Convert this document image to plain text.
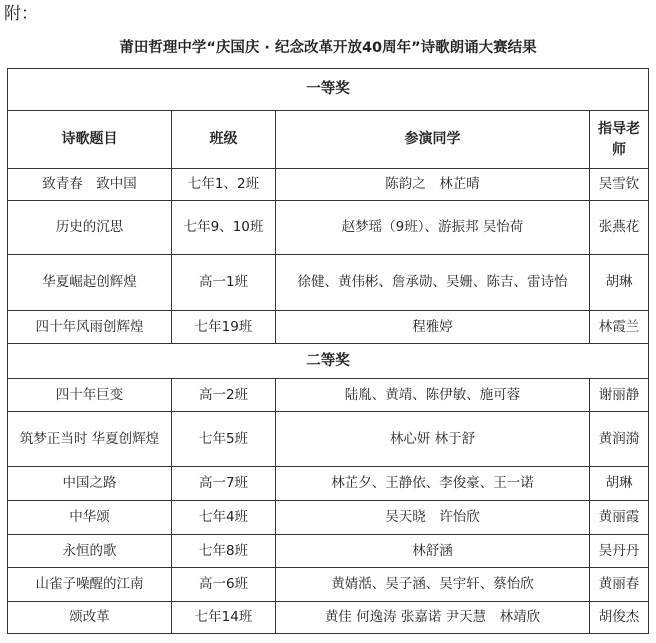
附：
莆田哲理中学“庆国庆 · 纪念改革开放40周年”诗歌朗诵大赛结果
一等奖			
诗歌题目	班级	参演同学	指导老师
致青春　致中国	七年1、2班	陈韵之　林芷晴	吴雪钦
历史的沉思	七年9、10班	赵梦瑶（9班）、游振邦 吴怡荷	张燕花
华夏崛起创辉煌	高一1班	徐健、黄伟彬、詹承勋、吴姗、陈吉、雷诗怡	胡琳
四十年风雨创辉煌	七年19班	程雅婷	林霞兰
二等奖			
四十年巨变	高一2班	陆胤、黄靖、陈伊敏、施可蓉	谢丽静
筑梦正当时 华夏创辉煌	七年5班	林心妍 林于舒	黄润漪
中国之路	高一7班	林芷夕、王静依、李俊豪、王一诺	胡琳
中华颂	七年4班	吴天晓　许怡欣	黄丽霞
永恒的歌	七年8班	林舒涵	吴丹丹
山雀子噪醒的江南	高一6班	黄婧湉、吴子涵、吴宇轩、蔡怡欣	黄丽春
颂改革	七年14班	黄佳 何逸涛 张嘉诺 尹天慧　林靖欣	胡俊杰
